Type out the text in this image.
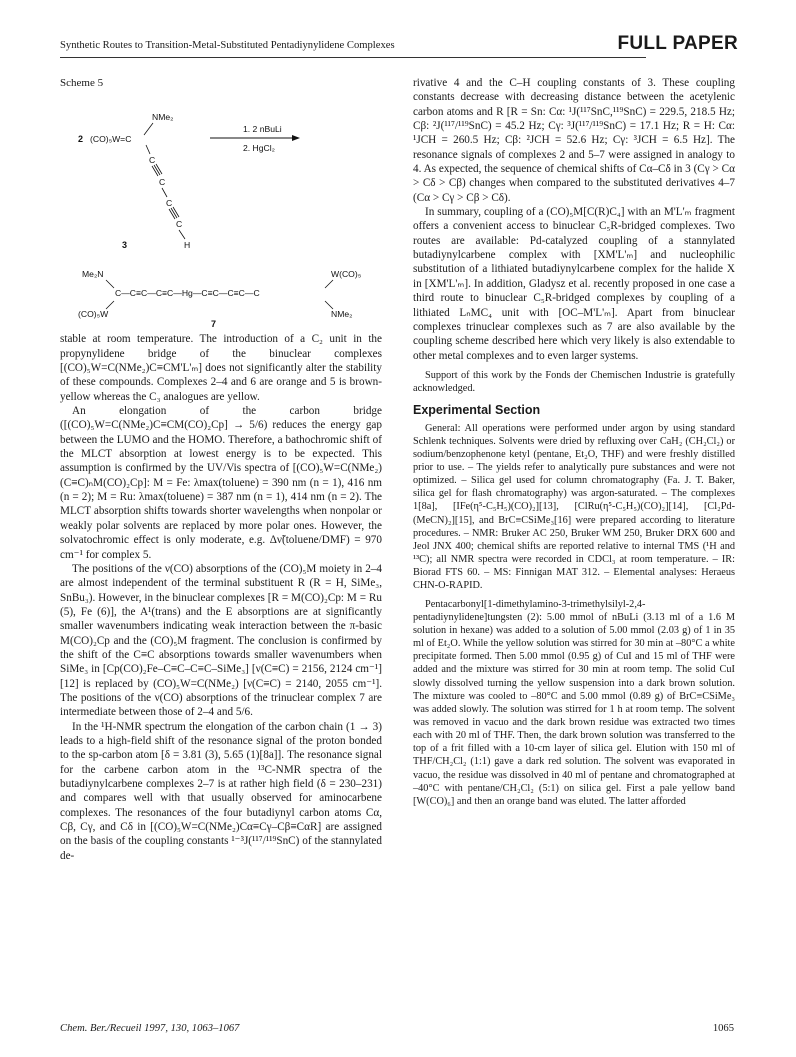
Synthetic Routes to Transition-Metal-Substituted Pentadiynylidene Complexes	FULL PAPER
Scheme 5
2 (CO)₅W=C
NMe₂
1. 2 nBuLi
2. HgCl₂
C
C
C
C
H
3
Me₂N
C—C≡C—C≡C—Hg—C≡C—C≡C—C
(CO)₅W
W(CO)₅
NMe₂
7

stable at room temperature. The introduction of a C₂ unit in the propynylidene bridge of the binuclear complexes [(CO)₅W=C(NMe₂)C≡CM'L'ₘ] does not significantly alter the stability of these compounds. Complexes 2–4 and 6 are orange and 5 is brown-yellow whereas the C₃ analogues are yellow.

An elongation of the carbon bridge ([(CO)₅W=C(NMe₂)C≡CM(CO)₂Cp] → 5/6) reduces the energy gap between the LUMO and the HOMO. Therefore, a bathochromic shift of the MLCT absorption at lowest energy is to be expected. This assumption is confirmed by the UV/Vis spectra of [(CO)₅W=C(NMe₂)(C≡C)ₙM(CO)₂Cp]: M = Fe: λmax(toluene) = 390 nm (n = 1), 416 nm (n = 2); M = Ru: λmax(toluene) = 387 nm (n = 1), 414 nm (n = 2). The MLCT absorption shifts towards shorter wavelengths when nonpolar or weakly polar solvents are replaced by more polar ones. However, the solvatochromic effect is only moderate, e.g. Δν̃(toluene/DMF) = 970 cm⁻¹ for complex 5.

The positions of the ν(CO) absorptions of the (CO)₅M moiety in 2–4 are almost independent of the terminal substituent R (R = H, SiMe₃, SnBu₃). However, in the binuclear complexes [R = M(CO)₂Cp: M = Ru (5), Fe (6)], the A¹(trans) and the E absorptions are at significantly smaller wavenumbers indicating weak interaction between the π-basic M(CO)₂Cp and the (CO)₅M fragment. The conclusion is confirmed by the shift of the C≡C absorptions towards smaller wavenumbers when SiMe₃ in [Cp(CO)₂Fe–C≡C–C≡C–SiMe₃] [ν(C≡C) = 2156, 2124 cm⁻¹][12] is replaced by (CO)₅W=C(NMe₂) [ν(C≡C) = 2140, 2055 cm⁻¹]. The positions of the ν(CO) absorptions of the trinuclear complex 7 are intermediate between those of 2–4 and 5/6.

In the ¹H-NMR spectrum the elongation of the carbon chain (1 → 3) leads to a high-field shift of the resonance signal of the proton bonded to the sp-carbon atom [δ = 3.81 (3), 5.65 (1)[8a]]. The resonance signal for the carbene carbon atom in the ¹³C-NMR spectra of the butadiynylcarbene complexes 2–7 is at rather high field (δ = 230–231) and compares well with that usually observed for aminocarbene complexes. The resonances of the four butadiynyl carbon atoms Cα, Cβ, Cγ, and Cδ in [(CO)₅W=C(NMe₂)Cα≡Cγ–Cβ≡CαR] are assigned on the basis of the coupling constants ¹⁻³J(¹¹⁷/¹¹⁹SnC) of the stannylated de-

rivative 4 and the C–H coupling constants of 3. These coupling constants decrease with decreasing distance between the acetylenic carbon atoms and R [R = Sn: Cα: ¹J(¹¹⁷SnC,¹¹⁹SnC) = 229.5, 218.5 Hz; Cβ: ²J(¹¹⁷/¹¹⁹SnC) = 45.2 Hz; Cγ: ³J(¹¹⁷/¹¹⁹SnC) = 17.1 Hz; R = H: Cα: ¹JCH = 260.5 Hz; Cβ: ²JCH = 52.6 Hz; Cγ: ³JCH = 6.5 Hz]. The resonance signals of complexes 2 and 5–7 were assigned in analogy to 4. As expected, the sequence of chemical shifts of Cα–Cδ in 3 (Cγ > Cα > Cδ > Cβ) changes when compared to the substituted derivatives 4–7 (Cα > Cγ > Cβ > Cδ).

In summary, coupling of a (CO)₅M[C(R)C₄] with an M'L'ₘ fragment offers a convenient access to binuclear C₅R-bridged complexes. Two routes are available: Pd-catalyzed coupling of a stannylated butadiynylcarbene complex with [XM'L'ₘ] and nucleophilic substitution of a lithiated butadiynylcarbene complex for the halide X in [XM'L'ₘ]. In addition, Gladysz et al. recently proposed in one case a third route to binuclear C₅R-bridged complexes by coupling of a lithiated LₙMC₄ unit with [OC–M'L'ₘ]. Apart from binuclear complexes trinuclear complexes such as 7 are also available by the coupling scheme described here which very likely is also extendable to other metal complexes and to even larger systems.

Support of this work by the Fonds der Chemischen Industrie is gratefully acknowledged.

Experimental Section

General: All operations were performed under argon by using standard Schlenk techniques. Solvents were dried by refluxing over CaH₂ (CH₂Cl₂) or sodium/benzophenone ketyl (pentane, Et₂O, THF) and were freshly distilled prior to use. – The yields refer to analytically pure substances and were not optimized. – Silica gel used for column chromatography (Fa. J. T. Baker, silica gel for flash chromatography) was argon-saturated. – The complexes 1[8a], [IFe(η⁵-C₅H₅)(CO)₂][13], [ClRu(η⁵-C₅H₅)(CO)₂][14], [Cl₂Pd-(MeCN)₂][15], and BrC≡CSiMe₃[16] were prepared according to literature procedures. – NMR: Bruker AC 250, Bruker WM 250, Bruker DRX 600 and Jeol JNX 400; chemical shifts are reported relative to internal TMS (¹H and ¹³C); all NMR spectra were recorded in CDCl₃ at room temperature. – IR: Biorad FTS 60. – MS: Finnigan MAT 312. – Elemental analyses: Heraeus CHN-O-RAPID.

Pentacarbonyl[1-dimethylamino-3-trimethylsilyl-2,4-pentadiynylidene]tungsten (2): 5.00 mmol of nBuLi (3.13 ml of a 1.6 M solution in hexane) was added to a solution of 5.00 mmol (2.03 g) of 1 in 35 ml of Et₂O. While the yellow solution was stirred for 30 min at –80°C a white precipitate formed. Then 5.00 mmol (0.95 g) of CuI and 15 ml of THF were added and the mixture was stirred for 30 min at room temp. The solid CuI slowly dissolved turning the yellow suspension into a dark brown solution. The mixture was cooled to –80°C and 5.00 mmol (0.89 g) of BrC≡CSiMe₃ was added slowly. The solution was stirred for 1 h at room temp. The solvent was removed in vacuo and the dark brown residue was extracted two times each with 20 ml of THF. Then, the dark brown solution was transferred to the top of a frit filled with a 10-cm layer of silica gel. Elution with 150 ml of THF/CH₂Cl₂ (1:1) gave a dark red solution. The solvent was evaporated in vacuo, the residue was dissolved in 40 ml of pentane and chromatographed at –40°C with pentane/CH₂Cl₂ (5:1) on silica gel. First a pale yellow band [W(CO)₆] and then an orange band was eluted. The latter afforded

Chem. Ber./Recueil 1997, 130, 1063–1067	1065
